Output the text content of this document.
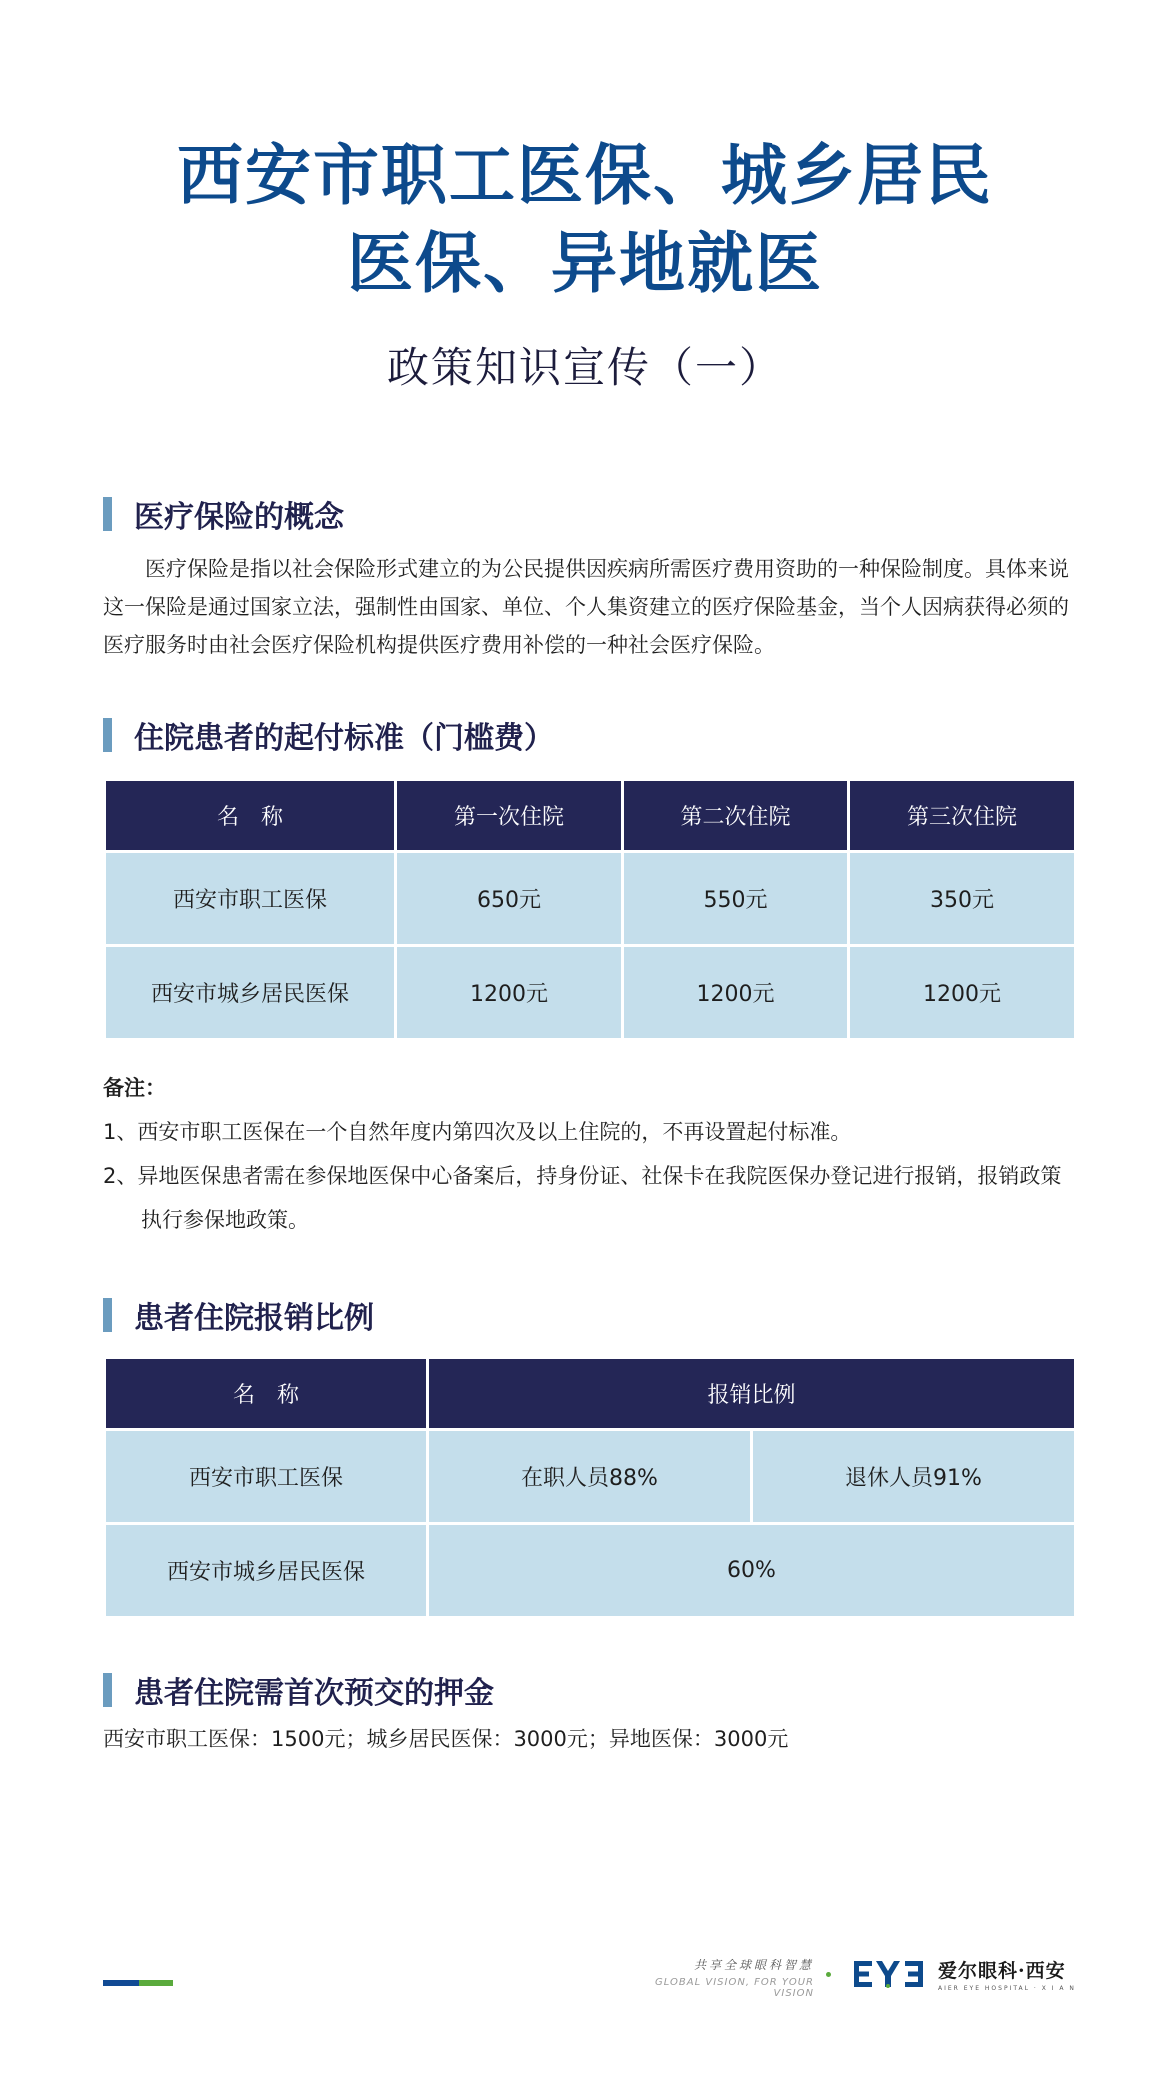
西安市职工医保、城乡居民
医保、异地就医
政策知识宣传（一）
医疗保险的概念

医疗保险是指以社会保险形式建立的为公民提供因疾病所需医疗费用资助的一种保险制度。具体来说这一保险是通过国家立法，强制性由国家、单位、个人集资建立的医疗保险基金，当个人因病获得必须的医疗服务时由社会医疗保险机构提供医疗费用补偿的一种社会医疗保险。

住院患者的起付标准（门槛费）
名　称	第一次住院	第二次住院	第三次住院
西安市职工医保	650元	550元	350元
西安市城乡居民医保	1200元	1200元	1200元
备注：
1、西安市职工医保在一个自然年度内第四次及以上住院的，不再设置起付标准。
2、异地医保患者需在参保地医保中心备案后，持身份证、社保卡在我院医保办登记进行报销，报销政策执行参保地政策。
患者住院报销比例
名　称	报销比例	
西安市职工医保	在职人员88%	退休人员91%
西安市城乡居民医保	60%	
患者住院需首次预交的押金

西安市职工医保：1500元；城乡居民医保：3000元；异地医保：3000元

共享全球眼科智慧
GLOBAL VISION, FOR YOUR VISION
爱尔眼科·西安
AIER EYE HOSPITAL · X I A N
